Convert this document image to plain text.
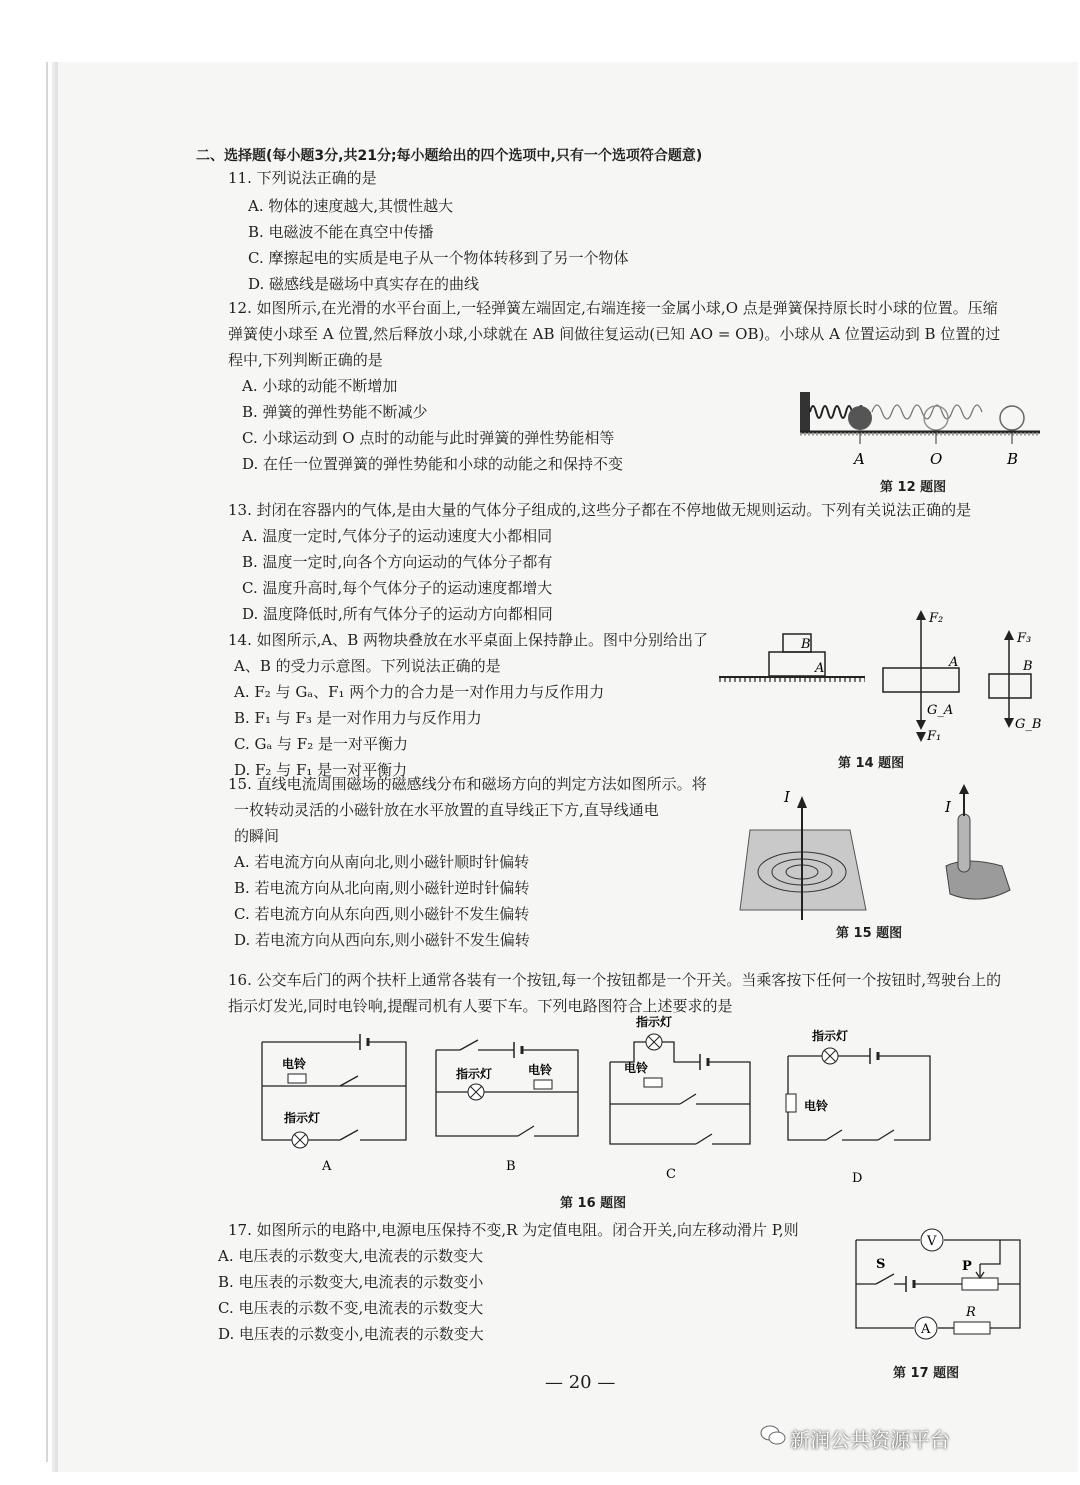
二、选择题(每小题3分,共21分;每小题给出的四个选项中,只有一个选项符合题意)
11. 下列说法正确的是
A. 物体的速度越大,其惯性越大
B. 电磁波不能在真空中传播
C. 摩擦起电的实质是电子从一个物体转移到了另一个物体
D. 磁感线是磁场中真实存在的曲线
12. 如图所示,在光滑的水平台面上,一轻弹簧左端固定,右端连接一金属小球,O 点是弹簧保持原长时小球的位置。压缩
弹簧使小球至 A 位置,然后释放小球,小球就在 AB 间做往复运动(已知 AO = OB)。小球从 A 位置运动到 B 位置的过
程中,下列判断正确的是
A. 小球的动能不断增加
B. 弹簧的弹性势能不断减少
C. 小球运动到 O 点时的动能与此时弹簧的弹性势能相等
D. 在任一位置弹簧的弹性势能和小球的动能之和保持不变	A	O	B
第 12 题图
13. 封闭在容器内的气体,是由大量的气体分子组成的,这些分子都在不停地做无规则运动。下列有关说法正确的是
A. 温度一定时,气体分子的运动速度大小都相同
B. 温度一定时,向各个方向运动的气体分子都有
C. 温度升高时,每个气体分子的运动速度都增大
D. 温度降低时,所有气体分子的运动方向都相同
14. 如图所示,A、B 两物块叠放在水平桌面上保持静止。图中分别给出了
A、B 的受力示意图。下列说法正确的是
A. F₂ 与 Gₐ、F₁ 两个力的合力是一对作用力与反作用力
B. F₁ 与 F₃ 是一对作用力与反作用力
C. Gₐ 与 F₂ 是一对平衡力
D. F₂ 与 F₁ 是一对平衡力
B
A
F₂
A
G_A
F₁
F₃
B
G_B
第 14 题图
15. 直线电流周围磁场的磁感线分布和磁场方向的判定方法如图所示。将
一枚转动灵活的小磁针放在水平放置的直导线正下方,直导线通电
的瞬间
A. 若电流方向从南向北,则小磁针顺时针偏转
B. 若电流方向从北向南,则小磁针逆时针偏转
C. 若电流方向从东向西,则小磁针不发生偏转
D. 若电流方向从西向东,则小磁针不发生偏转
I
I
第 15 题图
16. 公交车后门的两个扶杆上通常各装有一个按钮,每一个按钮都是一个开关。当乘客按下任何一个按钮时,驾驶台上的
指示灯发光,同时电铃响,提醒司机有人要下车。下列电路图符合上述要求的是
电铃
指示灯
A
指示灯	电铃
B
指示灯
电铃
C
指示灯
电铃
D
第 16 题图
17. 如图所示的电路中,电源电压保持不变,R 为定值电阻。闭合开关,向左移动滑片 P,则
A. 电压表的示数变大,电流表的示数变大
B. 电压表的示数变大,电流表的示数变小
C. 电压表的示数不变,电流表的示数变大
D. 电压表的示数变小,电流表的示数变大
V
S	P
A
R
第 17 题图
— 20 —
新润公共资源平台
